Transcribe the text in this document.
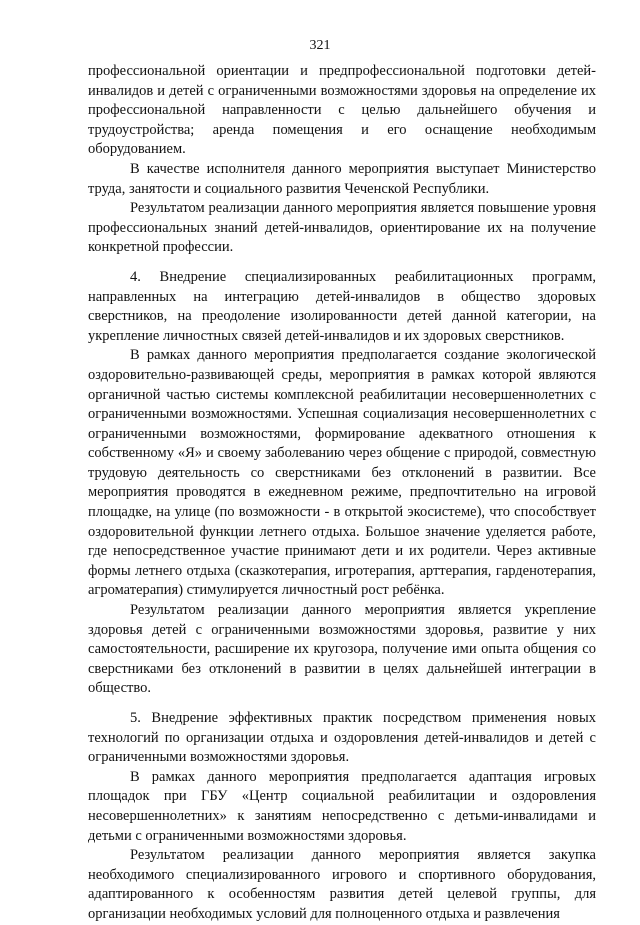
321

профессиональной ориентации и предпрофессиональной подготовки детей-инвалидов и детей с ограниченными возможностями здоровья на определение их профессиональной направленности с целью дальнейшего обучения и трудоустройства; аренда помещения и его оснащение необходимым оборудованием.

В качестве исполнителя данного мероприятия выступает Министерство труда, занятости и социального развития Чеченской Республики.

Результатом реализации данного мероприятия является повышение уровня профессиональных знаний детей-инвалидов, ориентирование их на получение конкретной профессии.

4. Внедрение специализированных реабилитационных программ, направленных на интеграцию детей-инвалидов в общество здоровых сверстников, на преодоление изолированности детей данной категории, на укрепление личностных связей детей-инвалидов и их здоровых сверстников.

В рамках данного мероприятия предполагается создание экологической оздоровительно-развивающей среды, мероприятия в рамках которой являются органичной частью системы комплексной реабилитации несовершеннолетних с ограниченными возможностями. Успешная социализация несовершеннолетних с ограниченными возможностями, формирование адекватного отношения к собственному «Я» и своему заболеванию через общение с природой, совместную трудовую деятельность со сверстниками без отклонений в развитии. Все мероприятия проводятся в ежедневном режиме, предпочтительно на игровой площадке, на улице (по возможности - в открытой экосистеме), что способствует оздоровительной функции летнего отдыха. Большое значение уделяется работе, где непосредственное участие принимают дети и их родители. Через активные формы летнего отдыха (сказкотерапия, игротерапия, арттерапия, гарденотерапия, агроматерапия) стимулируется личностный рост ребёнка.

Результатом реализации данного мероприятия является укрепление здоровья детей с ограниченными возможностями здоровья, развитие у них самостоятельности, расширение их кругозора, получение ими опыта общения со сверстниками без отклонений в развитии в целях дальнейшей интеграции в общество.

5. Внедрение эффективных практик посредством применения новых технологий по организации отдыха и оздоровления детей-инвалидов и детей с ограниченными возможностями здоровья.

В рамках данного мероприятия предполагается адаптация игровых площадок при ГБУ «Центр социальной реабилитации и оздоровления несовершеннолетних» к занятиям непосредственно с детьми-инвалидами и детьми с ограниченными возможностями здоровья.

Результатом реализации данного мероприятия является закупка необходимого специализированного игрового и спортивного оборудования, адаптированного к особенностям развития детей целевой группы, для организации необходимых условий для полноценного отдыха и развлечения
